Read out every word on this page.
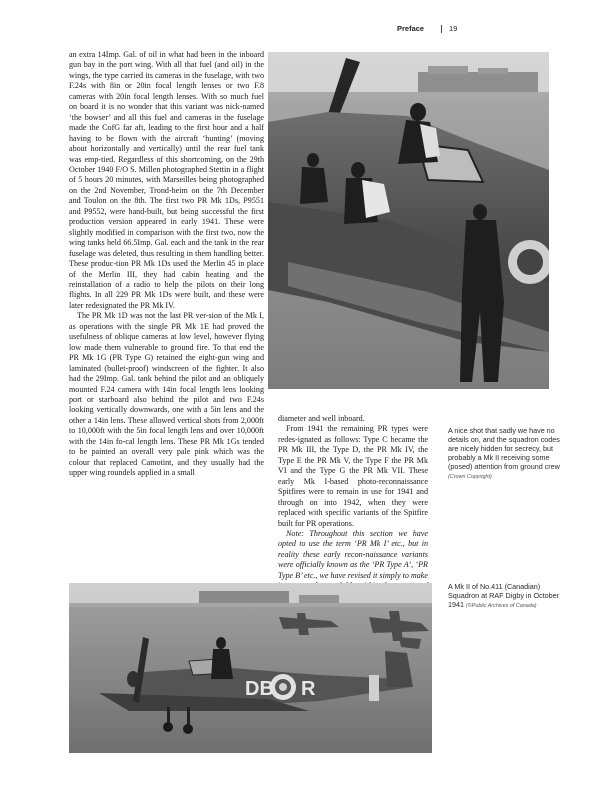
Preface	19

an extra 14Imp. Gal. of oil in what had been in the inboard gun bay in the port wing. With all that fuel (and oil) in the wings, the type carried its cameras in the fuselage, with two F.24s with 8in or 20in focal length lenses or two F.8 cameras with 20in focal length lenses. With so much fuel on board it is no wonder that this variant was nick-named ‘the bowser’ and all this fuel and cameras in the fuselage made the CofG far aft, leading to the first hour and a half having to be flown with the aircraft ‘hunting’ (moving about horizontally and vertically) until the rear fuel tank was emp-tied. Regardless of this shortcoming, on the 29th October 1940 F/O S. Millen photographed Stettin in a flight of 5 hours 20 minutes, with Marseilles being photographed on the 2nd November, Trond-heim on the 7th December and Toulon on the 8th. The first two PR Mk 1Ds, P9551 and P9552, were hand-built, but being successful the first production version appeared in early 1941. These were slightly modified in comparison with the first two, now the wing tanks held 66.5Imp. Gal. each and the tank in the rear fuselage was deleted, thus resulting in them handling better. These produc-tion PR Mk 1Ds used the Merlin 45 in place of the Merlin III, they had cabin heating and the reinstallation of a radio to help the pilots on their long flights. In all 229 PR Mk 1Ds were built, and these were later redesignated the PR Mk IV.

The PR Mk 1D was not the last PR ver-sion of the Mk I, as operations with the single PR Mk 1E had proved the usefulness of oblique cameras at low level, however flying low made them vulnerable to ground fire. To that end the PR Mk 1G (PR Type G) retained the eight-gun wing and laminated (bullet-proof) windscreen of the fighter. It also had the 29Imp. Gal. tank behind the pilot and an obliquely mounted F.24 camera with 14in focal length lens looking port or starboard also behind the pilot and two F.24s looking vertically downwards, one with a 5in lens and the other a 14in lens. These allowed vertical shots from 2,000ft to 10,000ft with the 5in focal length lens and over 10,000ft with the 14in fo-cal length lens. These PR Mk 1Gs tended to be painted an overall very pale pink which was the colour that replaced Camotint, and they usually had the upper wing roundels applied in a small

diameter and well inboard.

From 1941 the remaining PR types were redes-ignated as follows: Type C became the PR Mk III, the Type D, the PR Mk IV, the Type E the PR Mk V, the Type F the PR Mk VI and the Type G the PR Mk VII. These early Mk I-based photo-reconnaissance Spitfires were to remain in use for 1941 and through on into 1942, when they were replaced with specific variants of the Spitfire built for PR operations.

Note: Throughout this section we have opted to use the term ‘PR Mk I’ etc., but in reality these early recon-naissance variants were officially known as the ‘PR Type A’, ‘PR Type B’ etc., we have revised it simply to make

A nice shot that sadly we have no details on, and the squadron codes are nicely hidden for secrecy, but probably a Mk II receiving some (posed) attention from ground crew (Crown Copyright)
DB R
A Mk II of No.411 (Canadian) Squadron at RAF Digby in October 1941 (©Public Archives of Canada)
